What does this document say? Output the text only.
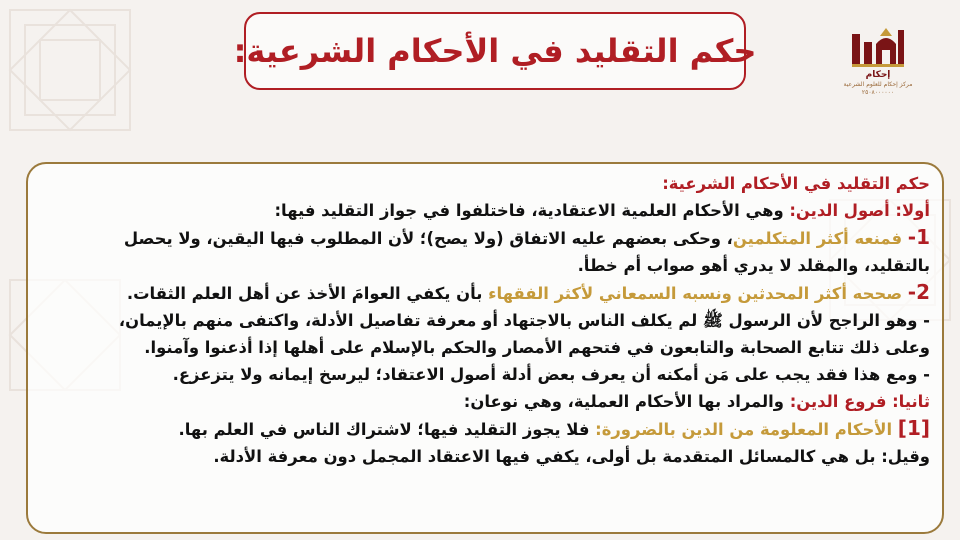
حكم التقليد في الأحكام الشرعية:
إحكام
مركز إحكام للعلوم الشرعية
٢٥٠٨٠٠٠٠٠٠
حكم التقليد في الأحكام الشرعية:
أولا: أصول الدين: وهي الأحكام العلمية الاعتقادية، فاختلفوا في جواز التقليد فيها:
1- فمنعه أكثر المتكلمين، وحكى بعضهم عليه الاتفاق (ولا يصح)؛ لأن المطلوب فيها اليقين، ولا يحصل
بالتقليد، والمقلد لا يدري أهو صواب أم خطأ.
2- صححه أكثر المحدثين ونسبه السمعاني لأكثر الفقهاء بأن يكفي العوامَ الأخذ عن أهل العلم الثقات.
- وهو الراجح لأن الرسول ﷺ لم يكلف الناس بالاجتهاد أو معرفة تفاصيل الأدلة، واكتفى منهم بالإيمان،
وعلى ذلك تتابع الصحابة والتابعون في فتحهم الأمصار والحكم بالإسلام على أهلها إذا أذعنوا وآمنوا.
- ومع هذا فقد يجب على مَن أمكنه أن يعرف بعض أدلة أصول الاعتقاد؛ ليرسخ إيمانه ولا يتزعزع.
ثانيا: فروع الدين: والمراد بها الأحكام العملية، وهي نوعان:
[1] الأحكام المعلومة من الدين بالضرورة: فلا يجوز التقليد فيها؛ لاشتراك الناس في العلم بها.
وقيل: بل هي كالمسائل المتقدمة بل أولى، يكفي فيها الاعتقاد المجمل دون معرفة الأدلة.
